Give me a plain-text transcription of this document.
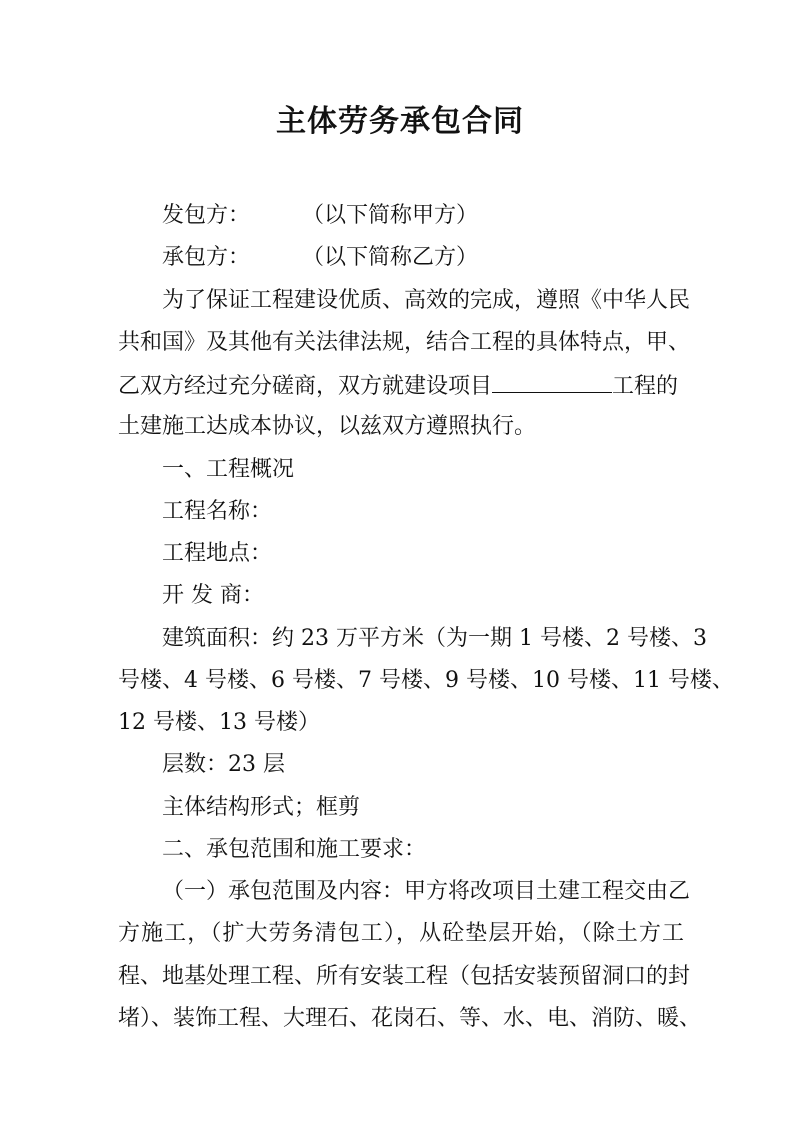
主体劳务承包合同

发包方： （以下简称甲方）

承包方： （以下简称乙方）

为了保证工程建设优质、高效的完成，遵照《中华人民

共和国》及其他有关法律法规，结合工程的具体特点，甲、

乙双方经过充分磋商，双方就建设项目	工程的

土建施工达成本协议，以兹双方遵照执行。

一、工程概况

工程名称：

工程地点：

开 发 商：

建筑面积：约 23 万平方米（为一期 1 号楼、2 号楼、3

号楼、4 号楼、6 号楼、7 号楼、9 号楼、10 号楼、11 号楼、

12 号楼、13 号楼）

层数：23 层

主体结构形式；框剪

二、承包范围和施工要求：

（一）承包范围及内容：甲方将改项目土建工程交由乙

方施工，（扩大劳务清包工），从砼垫层开始，（除土方工

程、地基处理工程、所有安装工程（包括安装预留洞口的封

堵）、装饰工程、大理石、花岗石、等、水、电、消防、暖、
